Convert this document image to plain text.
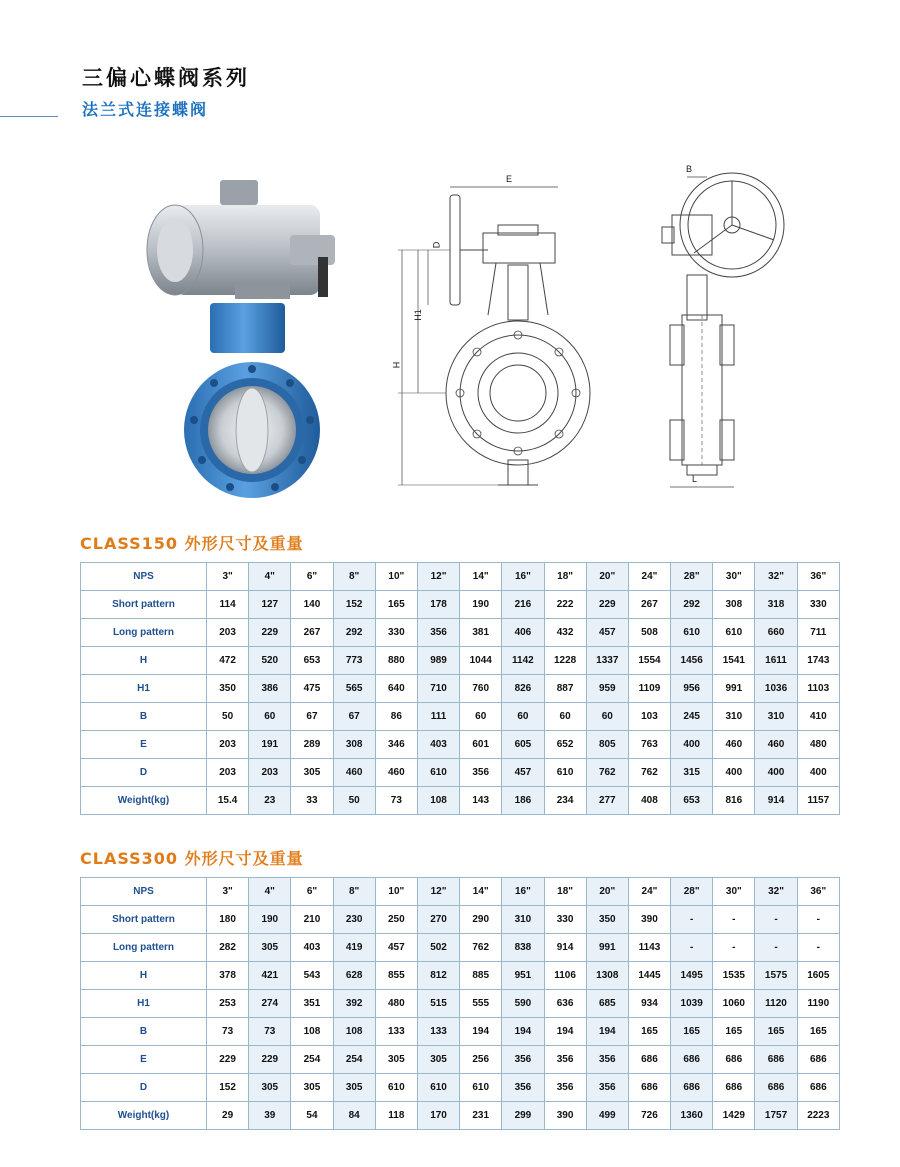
三偏心蝶阀系列
法兰式连接蝶阀
E
D
H1
H
B
L
CLASS150 外形尺寸及重量
NPS	3"	4"	6"	8"	10"	12"	14"	16"	18"	20"	24"	28"	30"	32"	36"
Short pattern	114	127	140	152	165	178	190	216	222	229	267	292	308	318	330
Long pattern	203	229	267	292	330	356	381	406	432	457	508	610	610	660	711
H	472	520	653	773	880	989	1044	1142	1228	1337	1554	1456	1541	1611	1743
H1	350	386	475	565	640	710	760	826	887	959	1109	956	991	1036	1103
B	50	60	67	67	86	111	60	60	60	60	103	245	310	310	410
E	203	191	289	308	346	403	601	605	652	805	763	400	460	460	480
D	203	203	305	460	460	610	356	457	610	762	762	315	400	400	400
Weight(kg)	15.4	23	33	50	73	108	143	186	234	277	408	653	816	914	1157
CLASS300 外形尺寸及重量
NPS	3"	4"	6"	8"	10"	12"	14"	16"	18"	20"	24"	28"	30"	32"	36"
Short pattern	180	190	210	230	250	270	290	310	330	350	390	-	-	-	-
Long pattern	282	305	403	419	457	502	762	838	914	991	1143	-	-	-	-
H	378	421	543	628	855	812	885	951	1106	1308	1445	1495	1535	1575	1605
H1	253	274	351	392	480	515	555	590	636	685	934	1039	1060	1120	1190
B	73	73	108	108	133	133	194	194	194	194	165	165	165	165	165
E	229	229	254	254	305	305	256	356	356	356	686	686	686	686	686
D	152	305	305	305	610	610	610	356	356	356	686	686	686	686	686
Weight(kg)	29	39	54	84	118	170	231	299	390	499	726	1360	1429	1757	2223
